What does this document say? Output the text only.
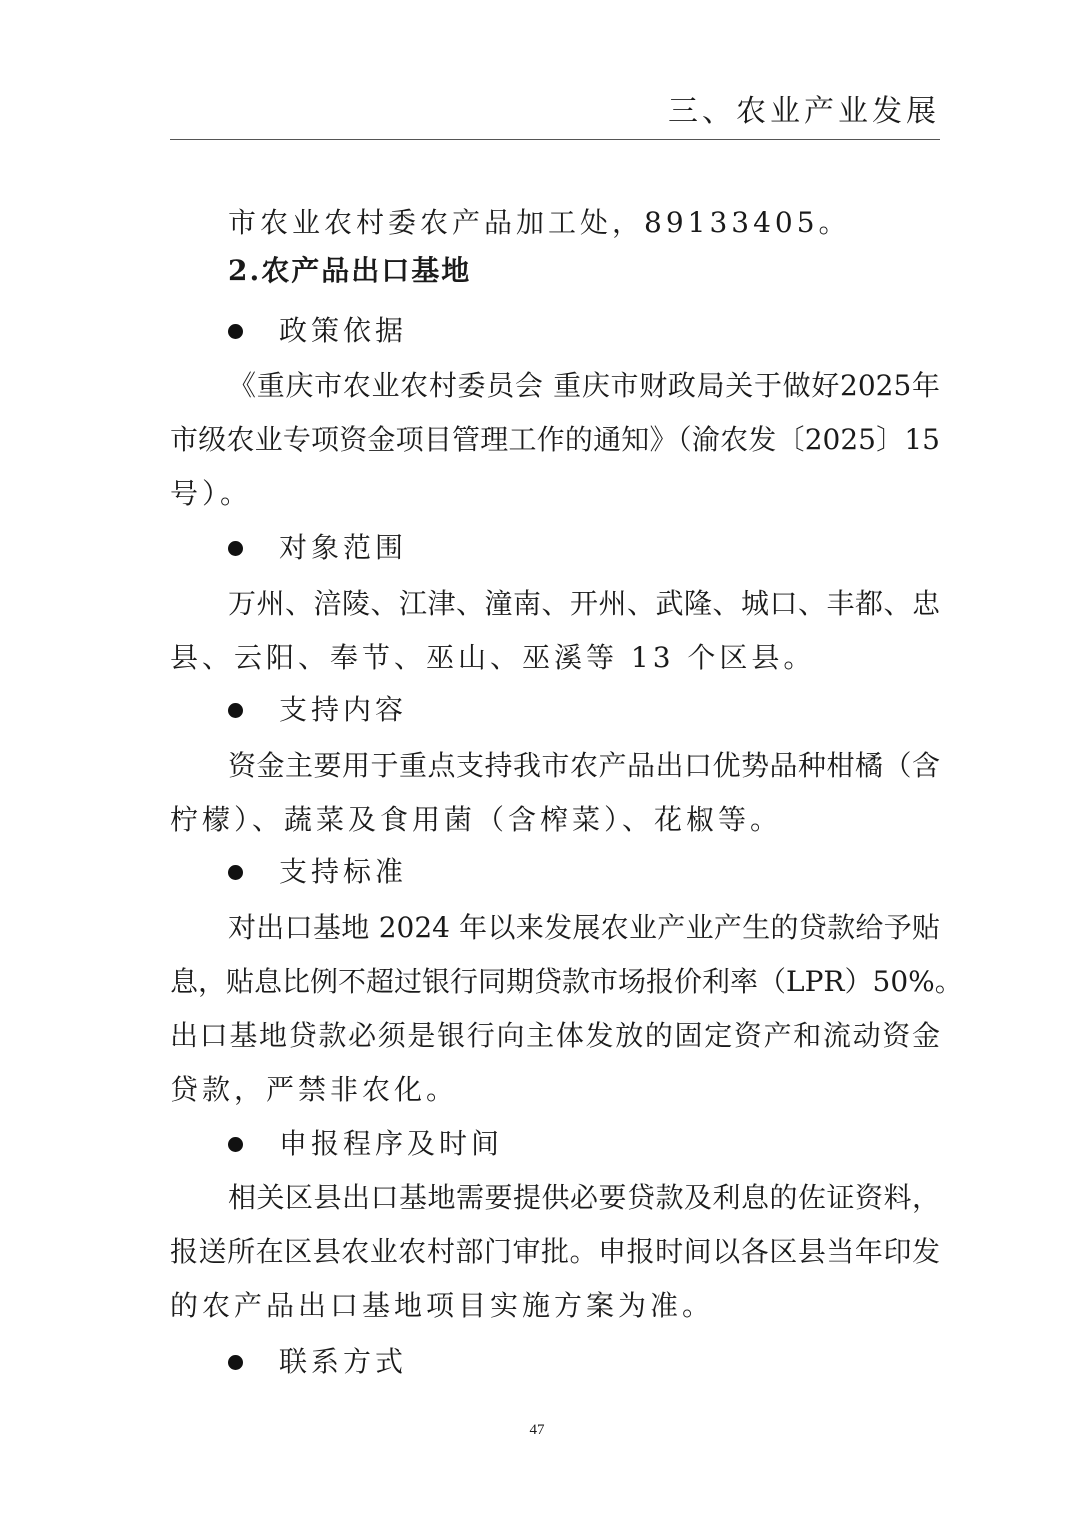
三、农业产业发展
市农业农村委农产品加工处，89133405。
2.农产品出口基地
政策依据
《重庆市农业农村委员会 重庆市财政局关于做好2025年
市级农业专项资金项目管理工作的通知》（渝农发〔2025〕15
号）。
对象范围
万州、涪陵、江津、潼南、开州、武隆、城口、丰都、忠
县、云阳、奉节、巫山、巫溪等 13 个区县。
支持内容
资金主要用于重点支持我市农产品出口优势品种柑橘（含
柠檬）、蔬菜及食用菌（含榨菜）、花椒等。
支持标准
对出口基地 2024 年以来发展农业产业产生的贷款给予贴
息，贴息比例不超过银行同期贷款市场报价利率（LPR）50%。
出口基地贷款必须是银行向主体发放的固定资产和流动资金
贷款，严禁非农化。
申报程序及时间
相关区县出口基地需要提供必要贷款及利息的佐证资料，
报送所在区县农业农村部门审批。申报时间以各区县当年印发
的农产品出口基地项目实施方案为准。
联系方式
47
